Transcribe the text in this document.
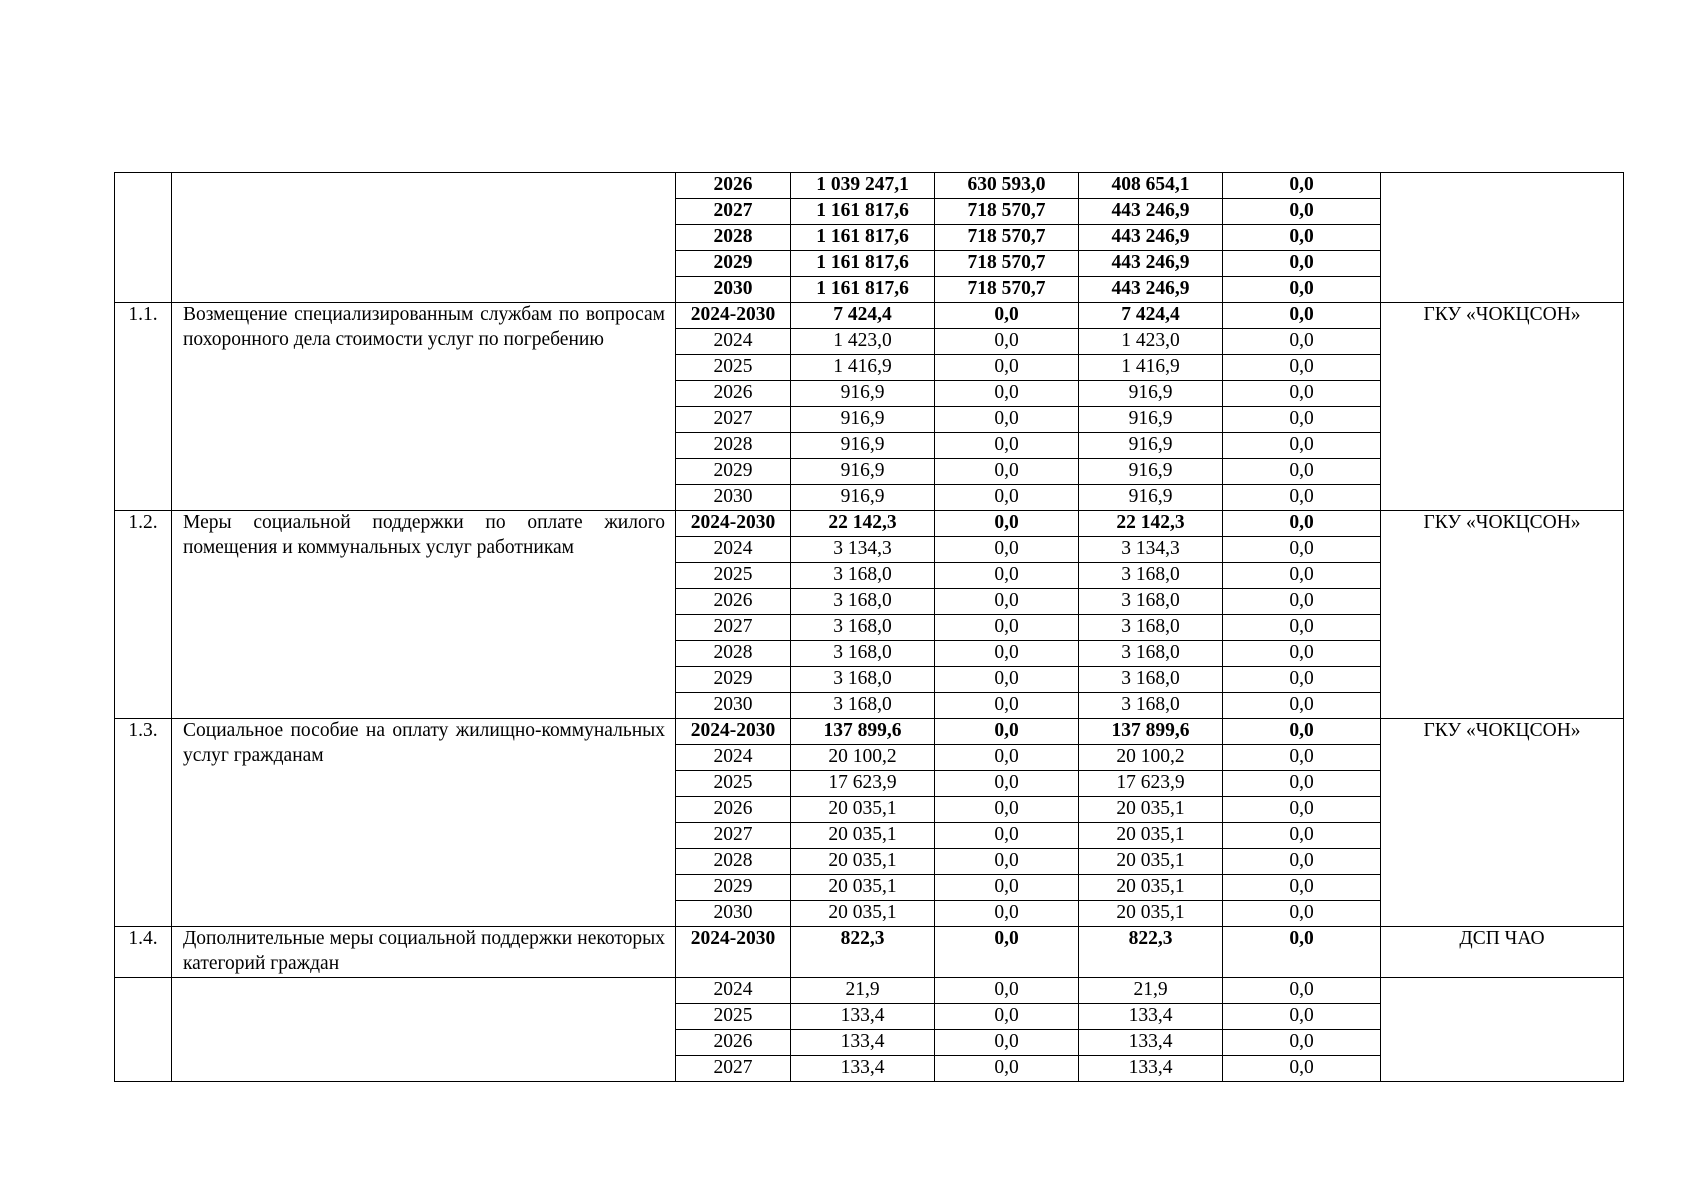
		2026	1 039 247,1	630 593,0	408 654,1	0,0	
		2027	1 161 817,6	718 570,7	443 246,9	0,0	
		2028	1 161 817,6	718 570,7	443 246,9	0,0	
		2029	1 161 817,6	718 570,7	443 246,9	0,0	
		2030	1 161 817,6	718 570,7	443 246,9	0,0	
1.1.	Возмещение специализированным службам по вопросам похоронного дела стоимости услуг по погребению	2024-2030	7 424,4	0,0	7 424,4	0,0	ГКУ «ЧОКЦСОН»
		2024	1 423,0	0,0	1 423,0	0,0	
		2025	1 416,9	0,0	1 416,9	0,0	
		2026	916,9	0,0	916,9	0,0	
		2027	916,9	0,0	916,9	0,0	
		2028	916,9	0,0	916,9	0,0	
		2029	916,9	0,0	916,9	0,0	
		2030	916,9	0,0	916,9	0,0	
1.2.	Меры социальной поддержки по оплате жилого помещения и коммунальных услуг работникам	2024-2030	22 142,3	0,0	22 142,3	0,0	ГКУ «ЧОКЦСОН»
		2024	3 134,3	0,0	3 134,3	0,0	
		2025	3 168,0	0,0	3 168,0	0,0	
		2026	3 168,0	0,0	3 168,0	0,0	
		2027	3 168,0	0,0	3 168,0	0,0	
		2028	3 168,0	0,0	3 168,0	0,0	
		2029	3 168,0	0,0	3 168,0	0,0	
		2030	3 168,0	0,0	3 168,0	0,0	
1.3.	Социальное пособие на оплату жилищно-коммунальных услуг гражданам	2024-2030	137 899,6	0,0	137 899,6	0,0	ГКУ «ЧОКЦСОН»
		2024	20 100,2	0,0	20 100,2	0,0	
		2025	17 623,9	0,0	17 623,9	0,0	
		2026	20 035,1	0,0	20 035,1	0,0	
		2027	20 035,1	0,0	20 035,1	0,0	
		2028	20 035,1	0,0	20 035,1	0,0	
		2029	20 035,1	0,0	20 035,1	0,0	
		2030	20 035,1	0,0	20 035,1	0,0	
1.4.	Дополнительные меры социальной поддержки некоторых категорий граждан	2024-2030	822,3	0,0	822,3	0,0	ДСП ЧАО
		2024	21,9	0,0	21,9	0,0	
		2025	133,4	0,0	133,4	0,0	
		2026	133,4	0,0	133,4	0,0	
		2027	133,4	0,0	133,4	0,0	
